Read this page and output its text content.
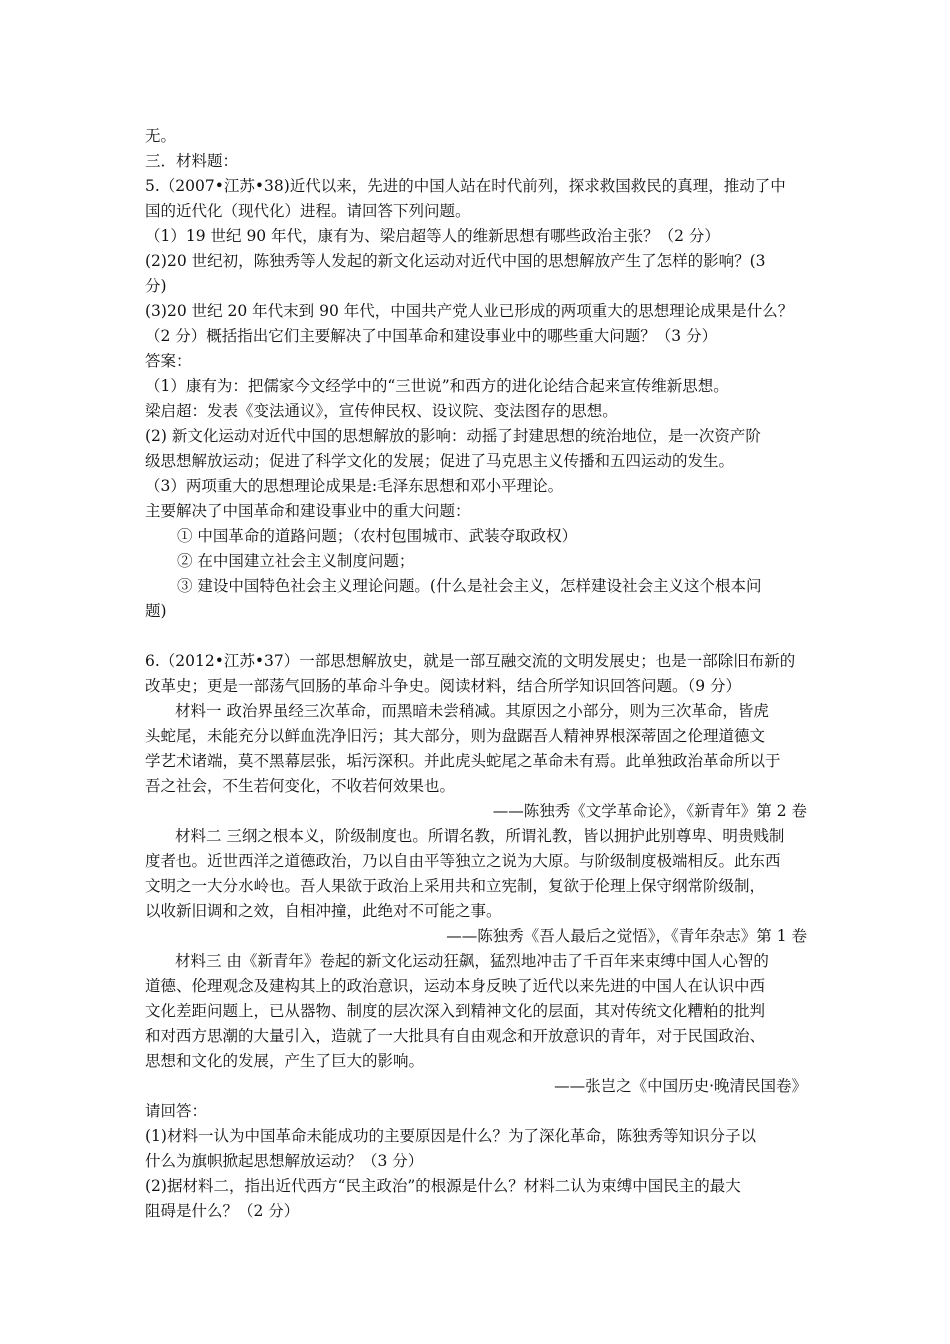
无。

三．材料题：

5.（2007•江苏•38)近代以来，先进的中国人站在时代前列，探求救国救民的真理，推动了中

国的近代化（现代化）进程。请回答下列问题。

（1）19 世纪 90 年代，康有为、梁启超等人的维新思想有哪些政治主张？（2 分）

(2)20 世纪初，陈独秀等人发起的新文化运动对近代中国的思想解放产生了怎样的影响？(3

分)

(3)20 世纪 20 年代末到 90 年代，中国共产党人业已形成的两项重大的思想理论成果是什么？

（2 分）概括指出它们主要解决了中国革命和建设事业中的哪些重大问题？（3 分）

答案：

（1）康有为：把儒家今文经学中的“三世说”和西方的进化论结合起来宣传维新思想。

梁启超：发表《变法通议》，宣传伸民权、设议院、变法图存的思想。

(2) 新文化运动对近代中国的思想解放的影响：动摇了封建思想的统治地位，是一次资产阶

级思想解放运动；促进了科学文化的发展；促进了马克思主义传播和五四运动的发生。

（3）两项重大的思想理论成果是:毛泽东思想和邓小平理论。

主要解决了中国革命和建设事业中的重大问题：

① 中国革命的道路问题；（农村包围城市、武装夺取政权）

② 在中国建立社会主义制度问题；

③ 建设中国特色社会主义理论问题。(什么是社会主义，怎样建设社会主义这个根本问

题)

6.（2012•江苏•37）一部思想解放史，就是一部互融交流的文明发展史；也是一部除旧布新的

改革史；更是一部荡气回肠的革命斗争史。阅读材料，结合所学知识回答问题。（9 分）

材料一 政治界虽经三次革命，而黑暗未尝稍减。其原因之小部分，则为三次革命，皆虎

头蛇尾，未能充分以鲜血洗净旧污；其大部分，则为盘踞吾人精神界根深蒂固之伦理道德文

学艺术诸端，莫不黑幕层张，垢污深积。并此虎头蛇尾之革命未有焉。此单独政治革命所以于

吾之社会，不生若何变化，不收若何效果也。

——陈独秀《文学革命论》，《新青年》第 2 卷

材料二 三纲之根本义，阶级制度也。所谓名教，所谓礼教，皆以拥护此别尊卑、明贵贱制

度者也。近世西洋之道德政治，乃以自由平等独立之说为大原。与阶级制度极端相反。此东西

文明之一大分水岭也。吾人果欲于政治上采用共和立宪制，复欲于伦理上保守纲常阶级制，

以收新旧调和之效，自相冲撞，此绝对不可能之事。

——陈独秀《吾人最后之觉悟》，《青年杂志》第 1 卷

材料三 由《新青年》卷起的新文化运动狂飙，猛烈地冲击了千百年来束缚中国人心智的

道德、伦理观念及建构其上的政治意识，运动本身反映了近代以来先进的中国人在认识中西

文化差距问题上，已从器物、制度的层次深入到精神文化的层面，其对传统文化糟粕的批判

和对西方思潮的大量引入，造就了一大批具有自由观念和开放意识的青年，对于民国政治、

思想和文化的发展，产生了巨大的影响。

——张岂之《中国历史·晚清民国卷》

请回答：

(1)材料一认为中国革命未能成功的主要原因是什么？为了深化革命，陈独秀等知识分子以

什么为旗帜掀起思想解放运动？（3 分）

(2)据材料二，指出近代西方“民主政治”的根源是什么？材料二认为束缚中国民主的最大

阻碍是什么？（2 分）
